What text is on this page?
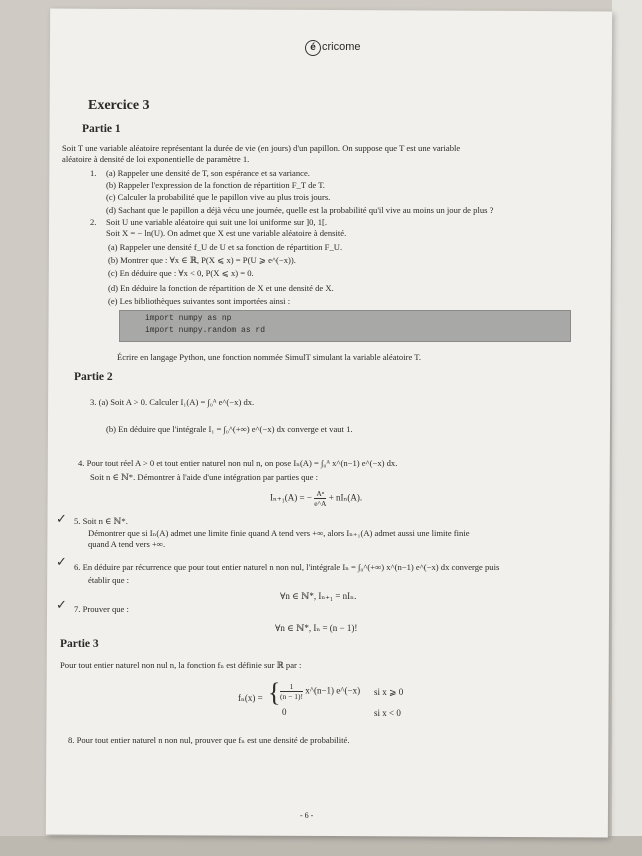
é cricome
Exercice 3
Partie 1
Soit T une variable aléatoire représentant la durée de vie (en jours) d'un papillon. On suppose que T est une variable
aléatoire à densité de loi exponentielle de paramètre 1.
1. (a) Rappeler une densité de T, son espérance et sa variance.
(b) Rappeler l'expression de la fonction de répartition F_T de T.
(c) Calculer la probabilité que le papillon vive au plus trois jours.
(d) Sachant que le papillon a déjà vécu une journée, quelle est la probabilité qu'il vive au moins un jour de plus ?
2. Soit U une variable aléatoire qui suit une loi uniforme sur ]0, 1[.
Soit X = − ln(U). On admet que X est une variable aléatoire à densité.
(a) Rappeler une densité f_U de U et sa fonction de répartition F_U.
(b) Montrer que : ∀x ∈ ℝ, P(X ⩽ x) = P(U ⩾ e^(−x)).
(c) En déduire que : ∀x < 0, P(X ⩽ x) = 0.
(d) En déduire la fonction de répartition de X et une densité de X.
(e) Les bibliothèques suivantes sont importées ainsi :
import numpy as np
import numpy.random as rd
Écrire en langage Python, une fonction nommée SimulT simulant la variable aléatoire T.
Partie 2
3. (a) Soit A > 0. Calculer I₁(A) = ∫₀ᴬ e^(−x) dx.
(b) En déduire que l'intégrale I₁ = ∫₀^(+∞) e^(−x) dx converge et vaut 1.
4. Pour tout réel A > 0 et tout entier naturel non nul n, on pose Iₙ(A) = ∫₀ᴬ x^(n−1) e^(−x) dx.
Soit n ∈ ℕ*. Démontrer à l'aide d'une intégration par parties que :
Iₙ₊₁(A) = − $\frac{\text{Aⁿ}}{e\^{}A} + nI_n(A)$.
✓ 5. Soit n ∈ ℕ*.
Démontrer que si Iₙ(A) admet une limite finie quand A tend vers +∞, alors Iₙ₊₁(A) admet aussi une limite finie
quand A tend vers +∞.
✓ 6. En déduire par récurrence que pour tout entier naturel n non nul, l'intégrale Iₙ = ∫₀^(+∞) x^(n−1) e^(−x) dx converge puis
établir que :
∀n ∈ ℕ*, Iₙ₊₁ = nIₙ.
✓ 7. Prouver que :
∀n ∈ ℕ*, Iₙ = (n − 1)!
Partie 3
Pour tout entier naturel non nul n, la fonction fₙ est définie sur ℝ par :
fₙ(x) = { $\frac{1}{(n - 1)!}$ x^(n−1) e^(−x) si x ⩾ 0
0	si x < 0
8. Pour tout entier naturel n non nul, prouver que fₙ est une densité de probabilité.
- 6 -
